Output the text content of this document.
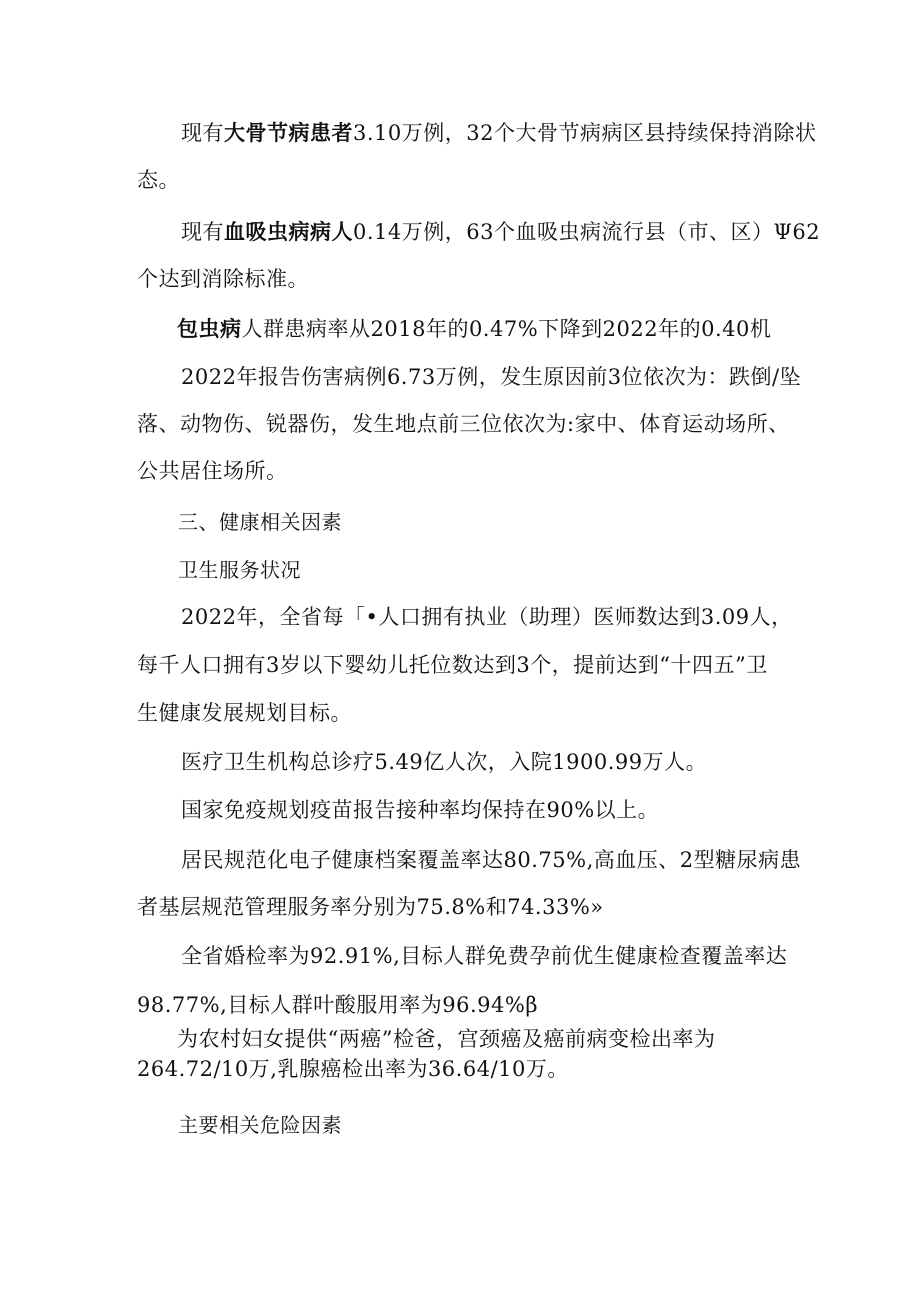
现有大骨节病患者3.10万例，32个大骨节病病区县持续保持消除状
态。
现有血吸虫病病人0.14万例，63个血吸虫病流行县（市、区）Ψ62
个达到消除标准。
包虫病人群患病率从2018年的0.47%下降到2022年的0.40机
2022年报告伤害病例6.73万例，发生原因前3位依次为：跌倒/坠
落、动物伤、锐器伤，发生地点前三位依次为:家中、体育运动场所、
公共居住场所。
三、健康相关因素
卫生服务状况
2022年，全省每「•人口拥有执业（助理）医师数达到3.09人，
每千人口拥有3岁以下婴幼儿托位数达到3个，提前达到“十四五”卫
生健康发展规划目标。
医疗卫生机构总诊疗5.49亿人次，入院1900.99万人。
国家免疫规划疫苗报告接种率均保持在90%以上。
居民规范化电子健康档案覆盖率达80.75%,高血压、2型糖尿病患
者基层规范管理服务率分别为75.8%和74.33%»
全省婚检率为92.91%,目标人群免费孕前优生健康检查覆盖率达
98.77%,目标人群叶酸服用率为96.94%β
为农村妇女提供“两癌”检爸，宫颈癌及癌前病变检出率为
264.72/10万,乳腺癌检出率为36.64/10万。
主要相关危险因素
